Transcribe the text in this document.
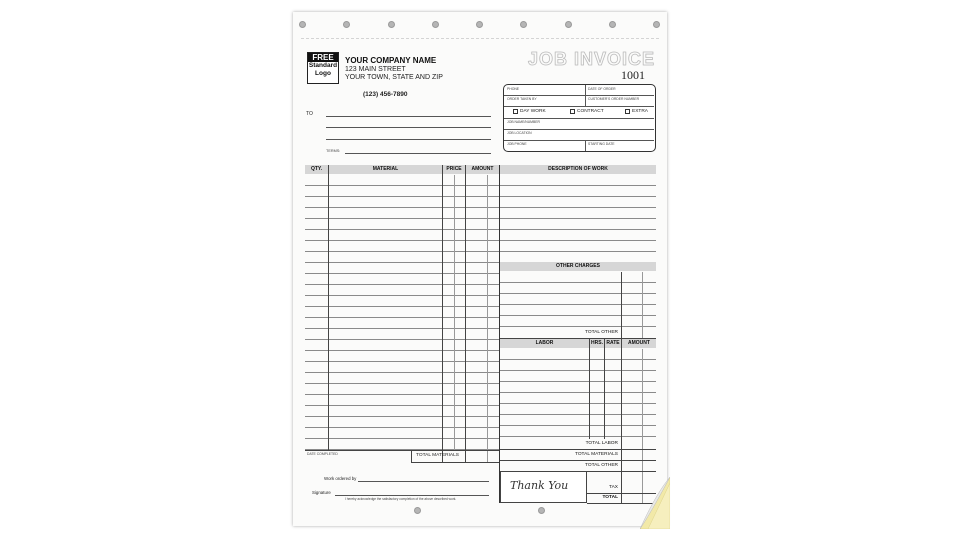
FREE
Standard
Logo
YOUR COMPANY NAME
123 MAIN STREET
YOUR TOWN, STATE AND ZIP
(123) 456-7890
JOB INVOICE
1001
TO
TERMS:
PHONE	DATE OF ORDER
ORDER TAKEN BY	CUSTOMER'S ORDER NUMBER
DAY WORK	CONTRACT	EXTRA
JOB NAME/NUMBER
JOB LOCATION
JOB PHONE	STARTING DATE
QTY.	MATERIAL	PRICE	AMOUNT
DATE COMPLETED	TOTAL MATERIALS
DESCRIPTION OF WORK
OTHER CHARGES
TOTAL OTHER
LABOR	HRS. RATE	AMOUNT
TOTAL LABOR
TOTAL MATERIALS
TOTAL OTHER
Thank You	TAX
TOTAL
Work ordered by
Signature
I hereby acknowledge the satisfactory completion of the above described work.
